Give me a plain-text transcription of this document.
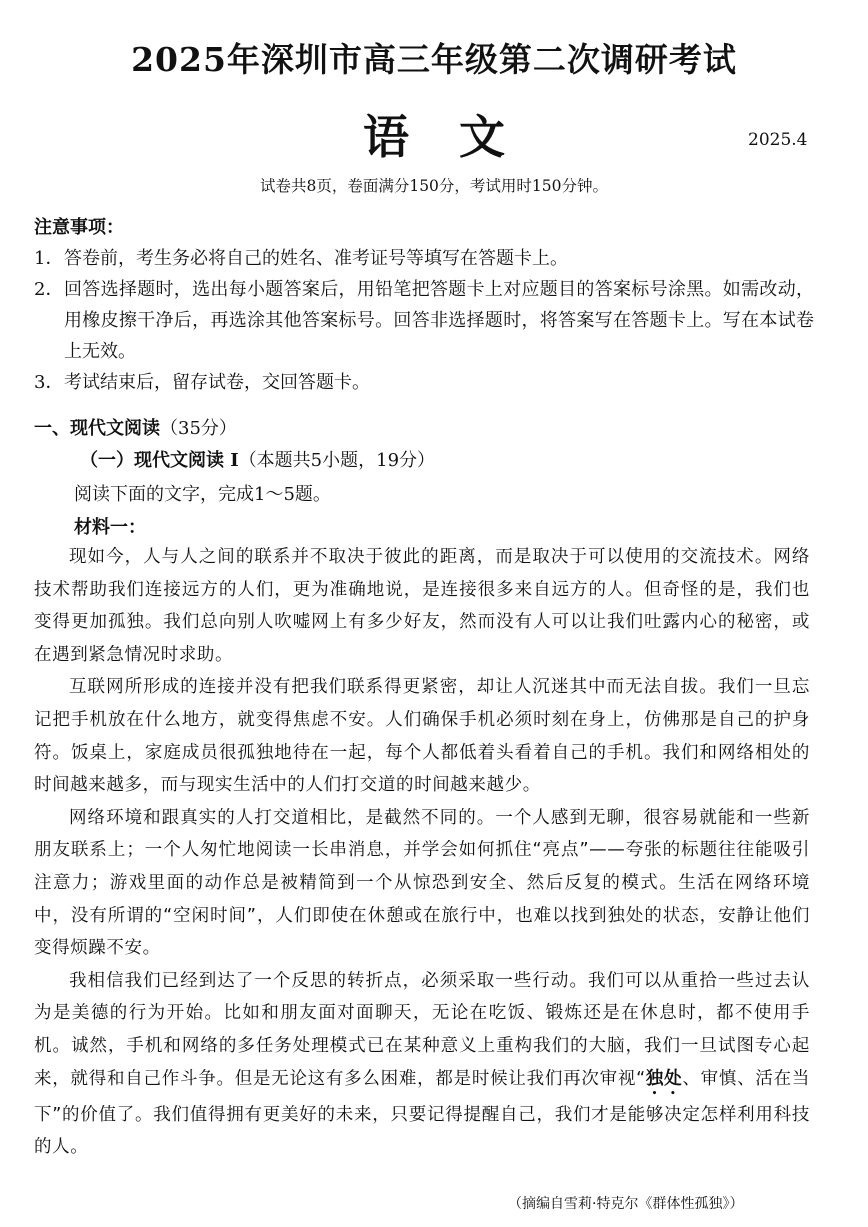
2025年深圳市高三年级第二次调研考试
语文	2025.4
试卷共8页，卷面满分150分，考试用时150分钟。
注意事项：
1． 答卷前，考生务必将自己的姓名、准考证号等填写在答题卡上。
2． 回答选择题时，选出每小题答案后，用铅笔把答题卡上对应题目的答案标号涂黑。如需改动，用橡皮擦干净后，再选涂其他答案标号。回答非选择题时，将答案写在答题卡上。写在本试卷上无效。
3． 考试结束后，留存试卷，交回答题卡。
一、现代文阅读（35分）
（一）现代文阅读 I（本题共5小题，19分）
阅读下面的文字，完成1～5题。
材料一：

现如今，人与人之间的联系并不取决于彼此的距离，而是取决于可以使用的交流技术。网络技术帮助我们连接远方的人们，更为准确地说，是连接很多来自远方的人。但奇怪的是，我们也变得更加孤独。我们总向别人吹嘘网上有多少好友，然而没有人可以让我们吐露内心的秘密，或在遇到紧急情况时求助。

互联网所形成的连接并没有把我们联系得更紧密，却让人沉迷其中而无法自拔。我们一旦忘记把手机放在什么地方，就变得焦虑不安。人们确保手机必须时刻在身上，仿佛那是自己的护身符。饭桌上，家庭成员很孤独地待在一起，每个人都低着头看着自己的手机。我们和网络相处的时间越来越多，而与现实生活中的人们打交道的时间越来越少。

网络环境和跟真实的人打交道相比，是截然不同的。一个人感到无聊，很容易就能和一些新朋友联系上；一个人匆忙地阅读一长串消息，并学会如何抓住“亮点”——夸张的标题往往能吸引注意力；游戏里面的动作总是被精简到一个从惊恐到安全、然后反复的模式。生活在网络环境中，没有所谓的“空闲时间”，人们即使在休憩或在旅行中，也难以找到独处的状态，安静让他们变得烦躁不安。

我相信我们已经到达了一个反思的转折点，必须采取一些行动。我们可以从重拾一些过去认为是美德的行为开始。比如和朋友面对面聊天，无论在吃饭、锻炼还是在休息时，都不使用手机。诚然，手机和网络的多任务处理模式已在某种意义上重构我们的大脑，我们一旦试图专心起来，就得和自己作斗争。但是无论这有多么困难，都是时候让我们再次审视“独处、审慎、活在当下”的价值了。我们值得拥有更美好的未来，只要记得提醒自己，我们才是能够决定怎样利用科技的人。

（摘编自雪莉·特克尔《群体性孤独》）
